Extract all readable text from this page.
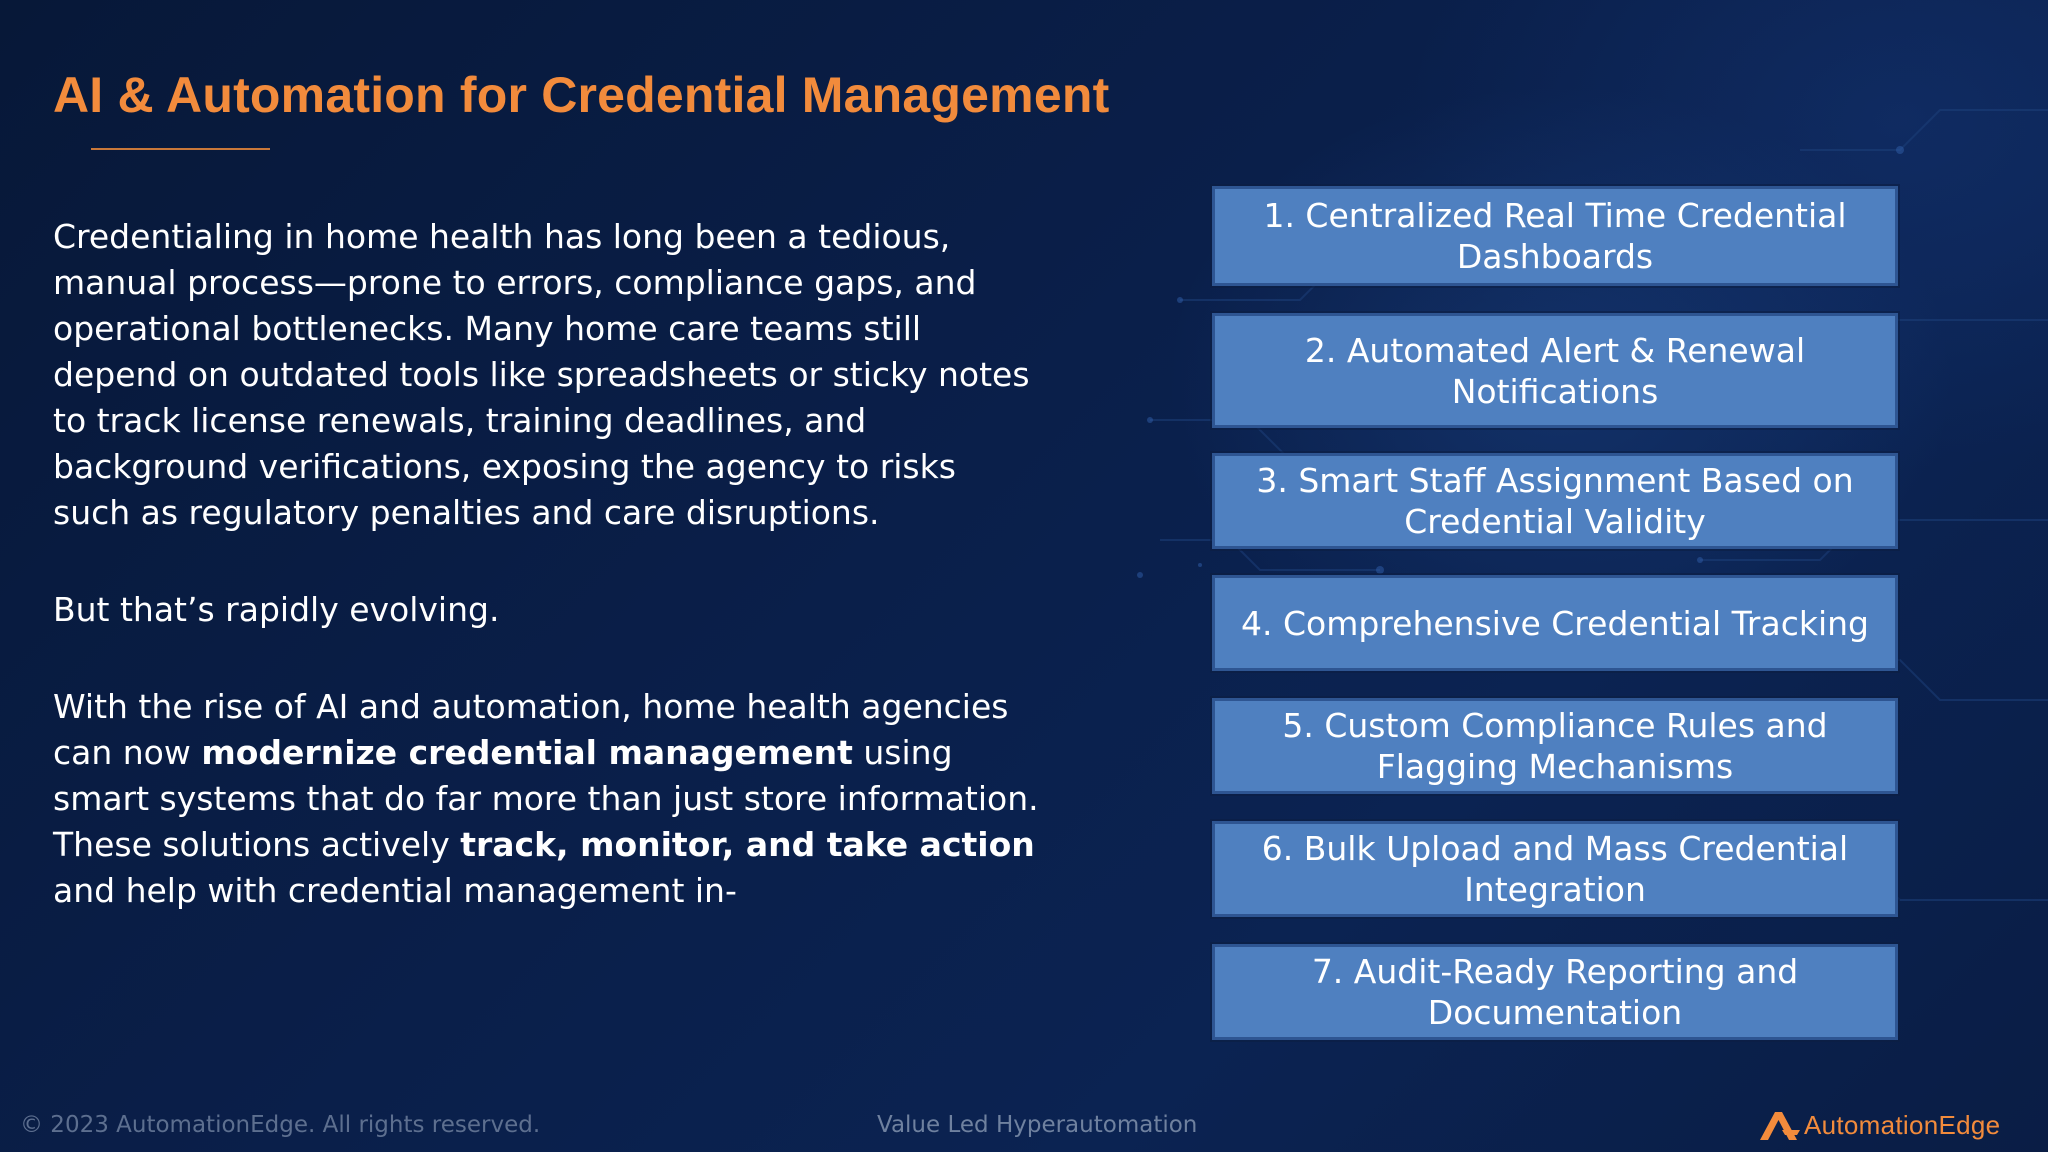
AI & Automation for Credential Management

Credentialing in home health has long been a tedious, manual process—prone to errors, compliance gaps, and operational bottlenecks. Many home care teams still depend on outdated tools like spreadsheets or sticky notes to track license renewals, training deadlines, and background verifications, exposing the agency to risks such as regulatory penalties and care disruptions.

But that’s rapidly evolving.

With the rise of AI and automation, home health agencies can now modernize credential management using smart systems that do far more than just store information. These solutions actively track, monitor, and take action and help with credential management in-

1. Centralized Real Time Credential Dashboards
2. Automated Alert & Renewal Notifications
3. Smart Staff Assignment Based on Credential Validity
4. Comprehensive Credential Tracking
5. Custom Compliance Rules and Flagging Mechanisms
6. Bulk Upload and Mass Credential Integration
7. Audit-Ready Reporting and Documentation
© 2023 AutomationEdge. All rights reserved.	Value Led Hyperautomation	AutomationEdge
